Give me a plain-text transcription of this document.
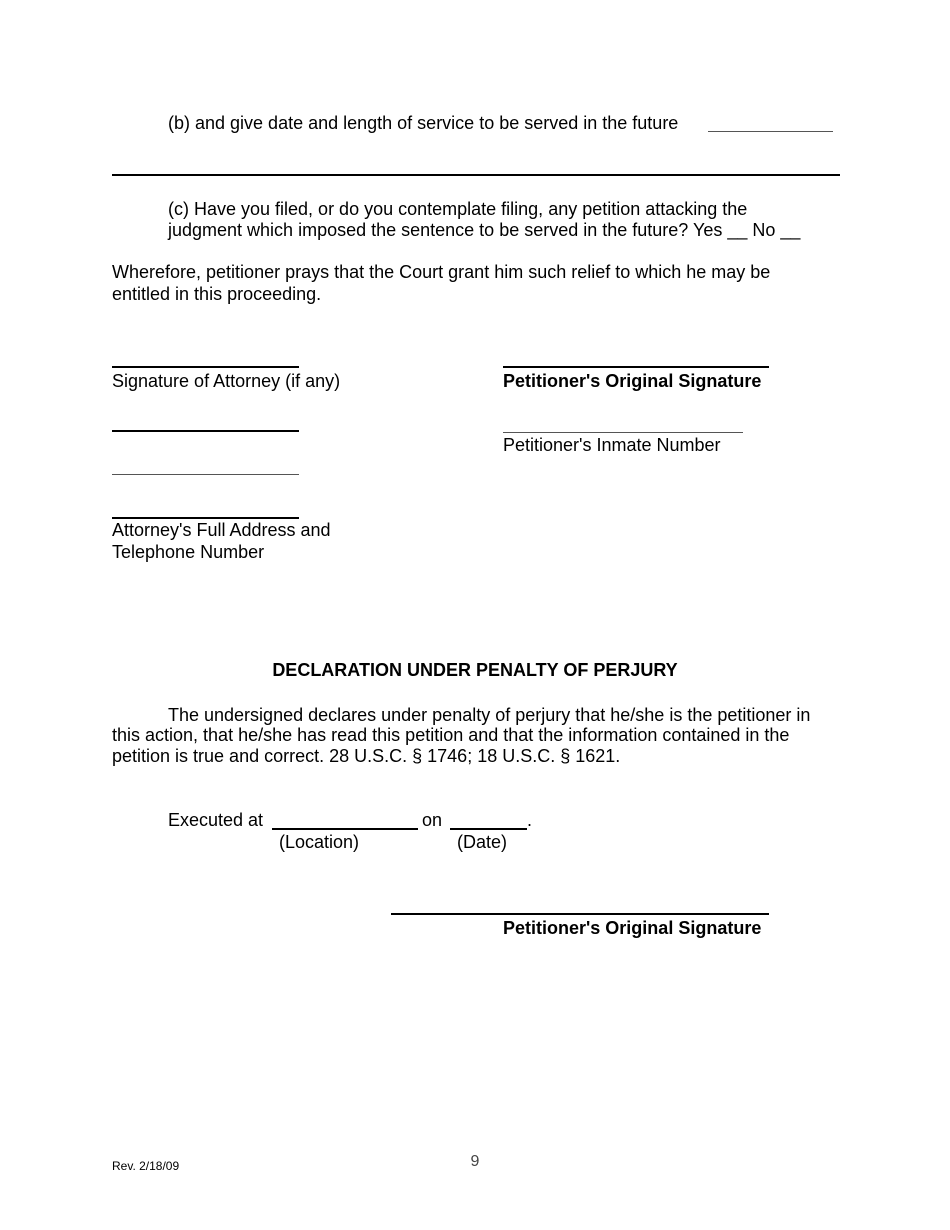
(b) and give date and length of service to be served in the future
(c) Have you filed, or do you contemplate filing, any petition attacking the
judgment which imposed the sentence to be served in the future? Yes __ No __
Wherefore, petitioner prays that the Court grant him such relief to which he may be
entitled in this proceeding.
Signature of Attorney (if any)	Petitioner's Original Signature
Attorney's Full Address and
Telephone Number
Petitioner's Inmate Number
DECLARATION UNDER PENALTY OF PERJURY
The undersigned declares under penalty of perjury that he/she is the petitioner in
this action, that he/she has read this petition and that the information contained in the
petition is true and correct. 28 U.S.C. § 1746; 18 U.S.C. § 1621.
Executed at	on	.
(Location)	(Date)
Petitioner's Original Signature
Rev. 2/18/09	9
